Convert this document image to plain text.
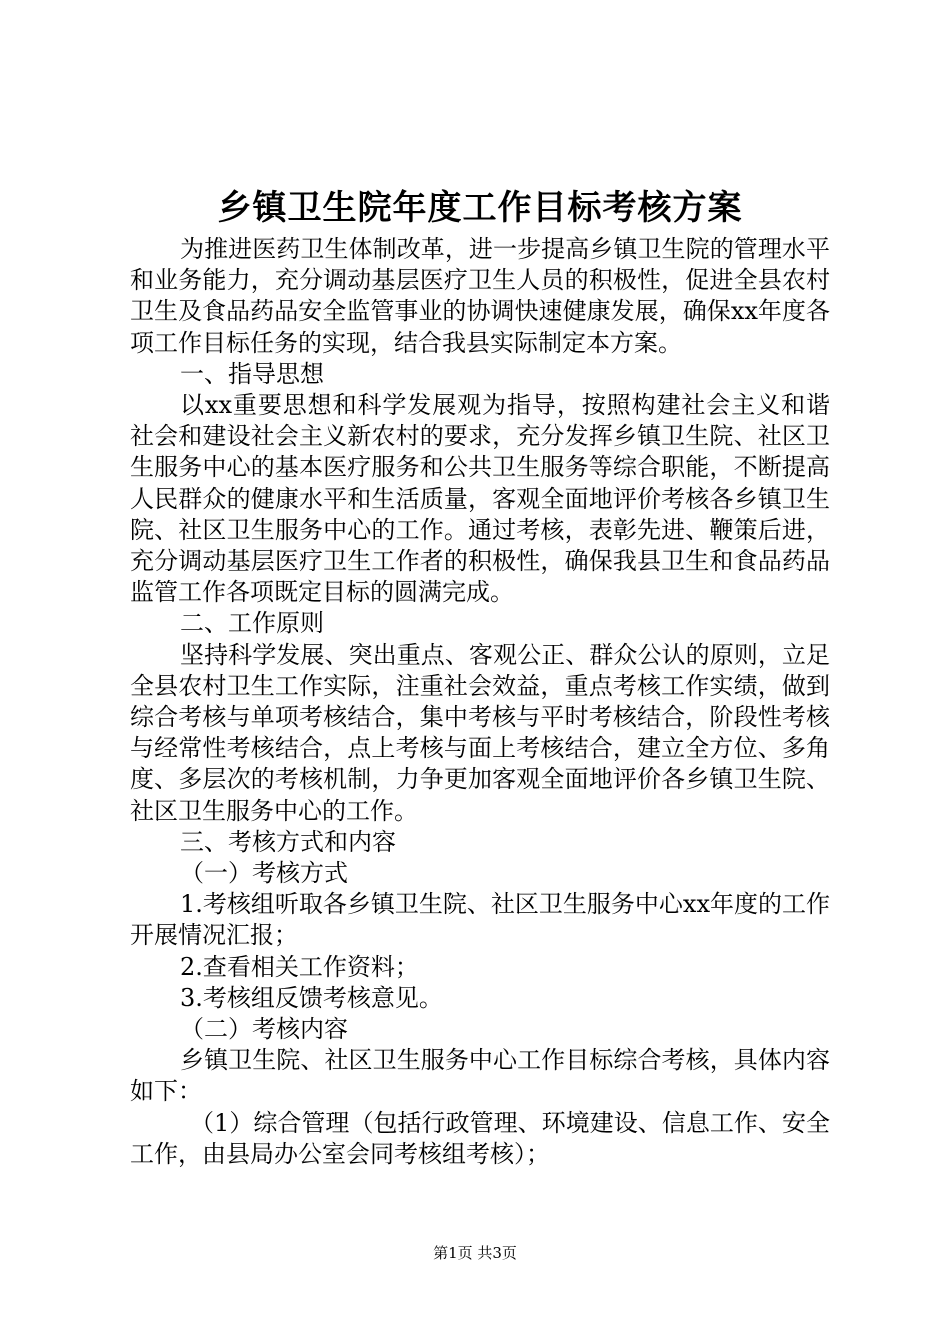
乡镇卫生院年度工作目标考核方案

为推进医药卫生体制改革，进一步提高乡镇卫生院的管理水平和业务能力，充分调动基层医疗卫生人员的积极性，促进全县农村卫生及食品药品安全监管事业的协调快速健康发展，确保xx年度各项工作目标任务的实现，结合我县实际制定本方案。

一、指导思想

以xx重要思想和科学发展观为指导，按照构建社会主义和谐社会和建设社会主义新农村的要求，充分发挥乡镇卫生院、社区卫生服务中心的基本医疗服务和公共卫生服务等综合职能，不断提高人民群众的健康水平和生活质量，客观全面地评价考核各乡镇卫生院、社区卫生服务中心的工作。通过考核，表彰先进、鞭策后进，充分调动基层医疗卫生工作者的积极性，确保我县卫生和食品药品监管工作各项既定目标的圆满完成。

二、工作原则

坚持科学发展、突出重点、客观公正、群众公认的原则，立足全县农村卫生工作实际，注重社会效益，重点考核工作实绩，做到综合考核与单项考核结合，集中考核与平时考核结合，阶段性考核与经常性考核结合，点上考核与面上考核结合，建立全方位、多角度、多层次的考核机制，力争更加客观全面地评价各乡镇卫生院、社区卫生服务中心的工作。

三、考核方式和内容

（一）考核方式

1.考核组听取各乡镇卫生院、社区卫生服务中心xx年度的工作开展情况汇报；

2.查看相关工作资料；

3.考核组反馈考核意见。

（二）考核内容

乡镇卫生院、社区卫生服务中心工作目标综合考核，具体内容如下：

（1）综合管理（包括行政管理、环境建设、信息工作、安全工作，由县局办公室会同考核组考核）；

第1页 共3页
